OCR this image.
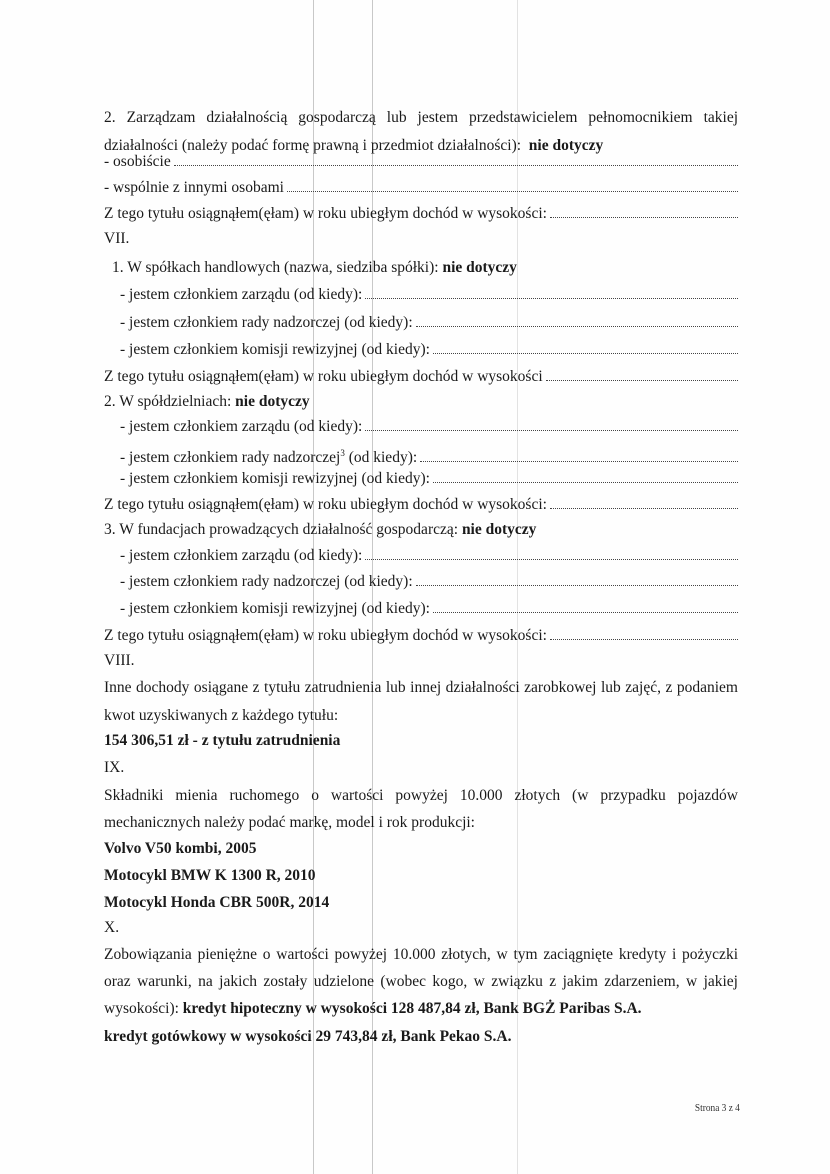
2. Zarządzam działalnością gospodarczą lub jestem przedstawicielem pełnomocnikiem takiej
działalności (należy podać formę prawną i przedmiot działalności): nie dotyczy
- osobiście
- wspólnie z innymi osobami
Z tego tytułu osiągnąłem(ęłam) w roku ubiegłym dochód w wysokości:
VII.
1. W spółkach handlowych (nazwa, siedziba spółki): nie dotyczy
- jestem członkiem zarządu (od kiedy):
- jestem członkiem rady nadzorczej (od kiedy):
- jestem członkiem komisji rewizyjnej (od kiedy):
Z tego tytułu osiągnąłem(ęłam) w roku ubiegłym dochód w wysokości
2. W spółdzielniach: nie dotyczy
- jestem członkiem zarządu (od kiedy):
- jestem członkiem rady nadzorczej$^3$ (od kiedy):
- jestem członkiem komisji rewizyjnej (od kiedy):
Z tego tytułu osiągnąłem(ęłam) w roku ubiegłym dochód w wysokości:
3. W fundacjach prowadzących działalność gospodarczą: nie dotyczy
- jestem członkiem zarządu (od kiedy):
- jestem członkiem rady nadzorczej (od kiedy):
- jestem członkiem komisji rewizyjnej (od kiedy):
Z tego tytułu osiągnąłem(ęłam) w roku ubiegłym dochód w wysokości:
VIII.
Inne dochody osiągane z tytułu zatrudnienia lub innej działalności zarobkowej lub zajęć, z podaniem
kwot uzyskiwanych z każdego tytułu:
154 306,51 zł - z tytułu zatrudnienia
IX.
Składniki mienia ruchomego o wartości powyżej 10.000 złotych (w przypadku pojazdów
mechanicznych należy podać markę, model i rok produkcji:
Volvo V50 kombi, 2005
Motocykl BMW K 1300 R, 2010
Motocykl Honda CBR 500R, 2014
X.
Zobowiązania pieniężne o wartości powyżej 10.000 złotych, w tym zaciągnięte kredyty i pożyczki
oraz warunki, na jakich zostały udzielone (wobec kogo, w związku z jakim zdarzeniem, w jakiej
wysokości): kredyt hipoteczny w wysokości 128 487,84 zł, Bank BGŻ Paribas S.A.
kredyt gotówkowy w wysokości 29 743,84 zł, Bank Pekao S.A.
Strona 3 z 4
